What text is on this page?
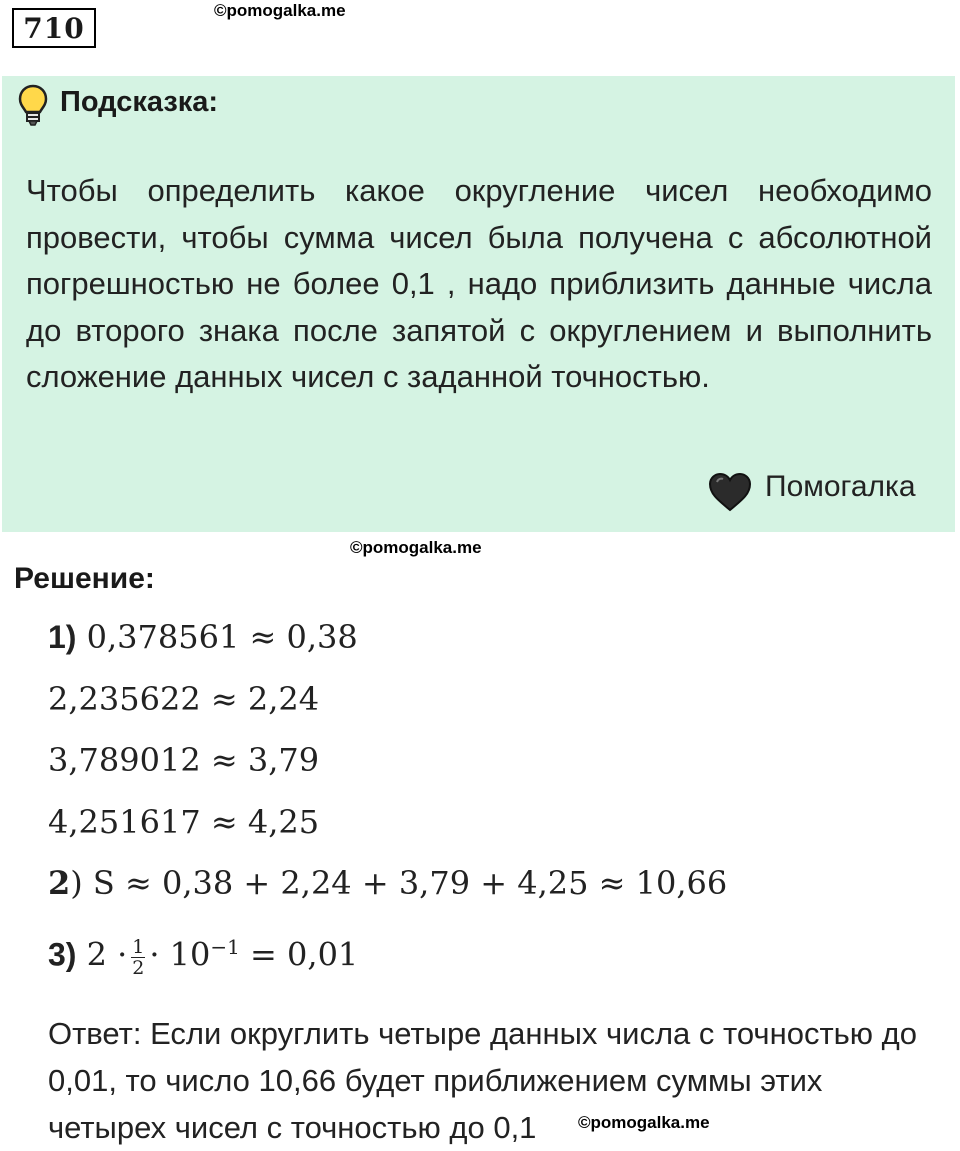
710
©pomogalka.me
Подсказка:
Чтобы определить какое округление чисел необходимо провести, чтобы сумма чисел была получена с абсолютной погрешностью не более 0,1 , надо приблизить данные числа до второго знака после запятой с округлением и выполнить сложение данных чисел с заданной точностью.
Помогалка
©pomogalka.me
Решение:
1) 0,378561 ≈ 0,38
2,235622 ≈ 2,24
3,789012 ≈ 3,79
4,251617 ≈ 4,25
2) S ≈ 0,38 + 2,24 + 3,79 + 4,25 ≈ 10,66
3) $2 \cdot \frac{1}{2} \cdot 10^{-1} = 0,01$
Ответ: Если округлить четыре данных числа с точностью до 0,01, то число 10,66 будет приближением суммы этих четырех чисел с точностью до 0,1	©pomogalka.me
